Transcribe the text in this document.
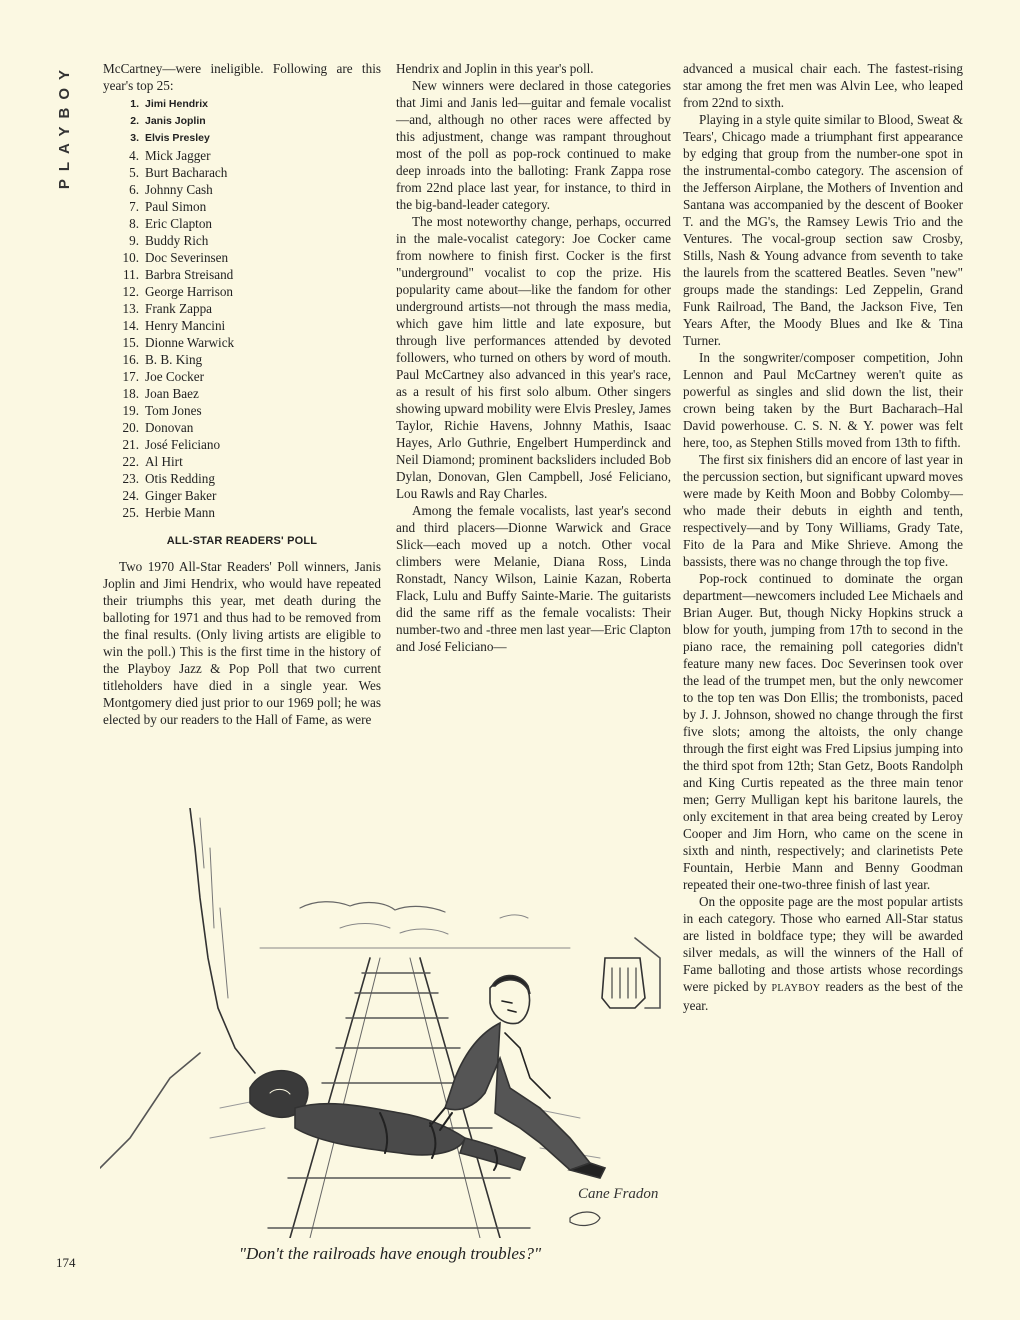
PLAYBOY	McCartney—were ineligible. Following are this year's top 25:

1. Jimi Hendrix
2. Janis Joplin
3. Elvis Presley
4. Mick Jagger
5. Burt Bacharach
6. Johnny Cash
7. Paul Simon
8. Eric Clapton
9. Buddy Rich
10. Doc Severinsen
11. Barbra Streisand
12. George Harrison
13. Frank Zappa
14. Henry Mancini
15. Dionne Warwick
16. B. B. King
17. Joe Cocker
18. Joan Baez
19. Tom Jones
20. Donovan
21. José Feliciano
22. Al Hirt
23. Otis Redding
24. Ginger Baker
25. Herbie Mann
ALL-STAR READERS' POLL

Two 1970 All-Star Readers' Poll winners, Janis Joplin and Jimi Hendrix, who would have repeated their triumphs this year, met death during the balloting for 1971 and thus had to be removed from the final results. (Only living artists are eligible to win the poll.) This is the first time in the history of the Playboy Jazz & Pop Poll that two current titleholders have died in a single year. Wes Montgomery died just prior to our 1969 poll; he was elected by our readers to the Hall of Fame, as were

Hendrix and Joplin in this year's poll.

New winners were declared in those categories that Jimi and Janis led—guitar and female vocalist—and, although no other races were affected by this adjustment, change was rampant throughout most of the poll as pop-rock continued to make deep inroads into the balloting: Frank Zappa rose from 22nd place last year, for instance, to third in the big-band-leader category.

The most noteworthy change, perhaps, occurred in the male-vocalist category: Joe Cocker came from nowhere to finish first. Cocker is the first "underground" vocalist to cop the prize. His popularity came about—like the fandom for other underground artists—not through the mass media, which gave him little and late exposure, but through live performances attended by devoted followers, who turned on others by word of mouth. Paul McCartney also advanced in this year's race, as a result of his first solo album. Other singers showing upward mobility were Elvis Presley, James Taylor, Richie Havens, Johnny Mathis, Isaac Hayes, Arlo Guthrie, Engelbert Humperdinck and Neil Diamond; prominent backsliders included Bob Dylan, Donovan, Glen Campbell, José Feliciano, Lou Rawls and Ray Charles.

Among the female vocalists, last year's second and third placers—Dionne Warwick and Grace Slick—each moved up a notch. Other vocal climbers were Melanie, Diana Ross, Linda Ronstadt, Nancy Wilson, Lainie Kazan, Roberta Flack, Lulu and Buffy Sainte-Marie. The guitarists did the same riff as the female vocalists: Their number-two and -three men last year—Eric Clapton and José Feliciano—

advanced a musical chair each. The fastest-rising star among the fret men was Alvin Lee, who leaped from 22nd to sixth.

Playing in a style quite similar to Blood, Sweat & Tears', Chicago made a triumphant first appearance by edging that group from the number-one spot in the instrumental-combo category. The ascension of the Jefferson Airplane, the Mothers of Invention and Santana was accompanied by the descent of Booker T. and the MG's, the Ramsey Lewis Trio and the Ventures. The vocal-group section saw Crosby, Stills, Nash & Young advance from seventh to take the laurels from the scattered Beatles. Seven "new" groups made the standings: Led Zeppelin, Grand Funk Railroad, The Band, the Jackson Five, Ten Years After, the Moody Blues and Ike & Tina Turner.

In the songwriter/composer competition, John Lennon and Paul McCartney weren't quite as powerful as singles and slid down the list, their crown being taken by the Burt Bacharach–Hal David powerhouse. C. S. N. & Y. power was felt here, too, as Stephen Stills moved from 13th to fifth.

The first six finishers did an encore of last year in the percussion section, but significant upward moves were made by Keith Moon and Bobby Colomby—who made their debuts in eighth and tenth, respectively—and by Tony Williams, Grady Tate, Fito de la Para and Mike Shrieve. Among the bassists, there was no change through the top five.

Pop-rock continued to dominate the organ department—newcomers included Lee Michaels and Brian Auger. But, though Nicky Hopkins struck a blow for youth, jumping from 17th to second in the piano race, the remaining poll categories didn't feature many new faces. Doc Severinsen took over the lead of the trumpet men, but the only newcomer to the top ten was Don Ellis; the trombonists, paced by J. J. Johnson, showed no change through the first five slots; among the altoists, the only change through the first eight was Fred Lipsius jumping into the third spot from 12th; Stan Getz, Boots Randolph and King Curtis repeated as the three main tenor men; Gerry Mulligan kept his baritone laurels, the only excitement in that area being created by Leroy Cooper and Jim Horn, who came on the scene in sixth and ninth, respectively; and clarinetists Pete Fountain, Herbie Mann and Benny Goodman repeated their one-two-three finish of last year.

On the opposite page are the most popular artists in each category. Those who earned All-Star status are listed in boldface type; they will be awarded silver medals, as will the winners of the Hall of Fame balloting and those artists whose recordings were picked by PLAYBOY readers as the best of the year.

Cane Fradon
"Don't the railroads have enough troubles?"
174
